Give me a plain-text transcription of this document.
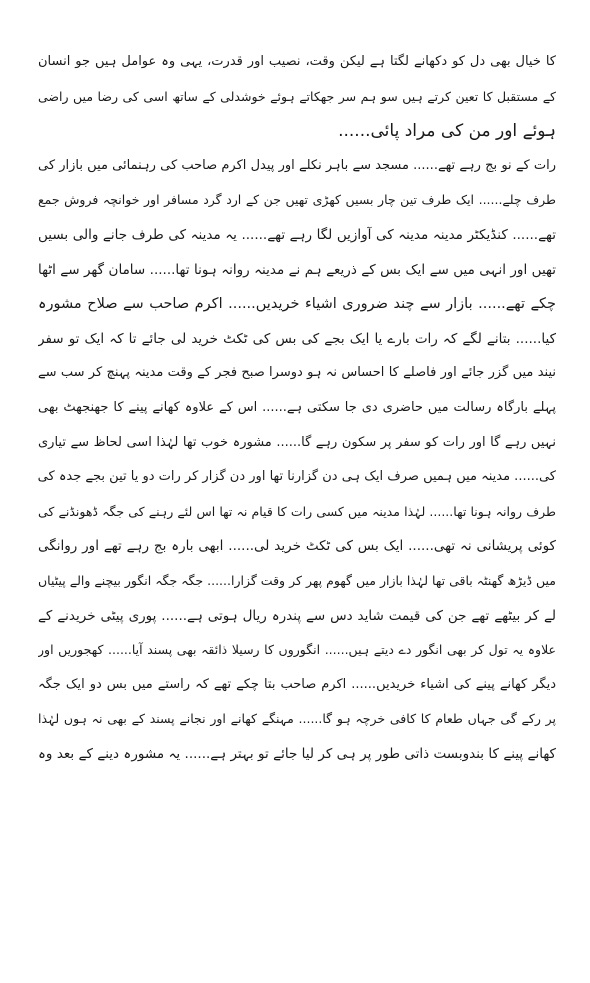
کا خیال بھی دل کو دکھانے لگتا ہے لیکن وقت، نصیب اور قدرت، یہی وہ عوامل ہیں جو انسان
کے مستقبل کا تعین کرتے ہیں سو ہم سر جھکاتے ہوئے خوشدلی کے ساتھ اسی کی رضا میں راضی
ہوئے اور من کی مراد پائی......
رات کے نو بج رہے تھے...... مسجد سے باہر نکلے اور پیدل اکرم صاحب کی رہنمائی میں بازار کی
طرف چلے...... ایک طرف تین چار بسیں کھڑی تھیں جن کے ارد گرد مسافر اور خوانچہ فروش جمع
تھے...... کنڈیکٹر مدینہ مدینہ کی آوازیں لگا رہے تھے...... یہ مدینہ کی طرف جانے والی بسیں
تھیں اور انہی میں سے ایک بس کے ذریعے ہم نے مدینہ روانہ ہونا تھا...... سامان گھر سے اٹھا
چکے تھے...... بازار سے چند ضروری اشیاء خریدیں...... اکرم صاحب سے صلاح مشورہ
کیا...... بتانے لگے کہ رات بارے یا ایک بجے کی بس کی ٹکٹ خرید لی جائے تا کہ ایک تو سفر
نیند میں گزر جائے اور فاصلے کا احساس نہ ہو دوسرا صبح فجر کے وقت مدینہ پہنچ کر سب سے
پہلے بارگاہ رسالت میں حاضری دی جا سکتی ہے...... اس کے علاوہ کھانے پینے کا جھنجھٹ بھی
نہیں رہے گا اور رات کو سفر پر سکون رہے گا...... مشورہ خوب تھا لہٰذا اسی لحاظ سے تیاری
کی...... مدینہ میں ہمیں صرف ایک ہی دن گزارنا تھا اور دن گزار کر رات دو یا تین بجے جدہ کی
طرف روانہ ہونا تھا...... لہٰذا مدینہ میں کسی رات کا قیام نہ تھا اس لئے رہنے کی جگہ ڈھونڈنے کی
کوئی پریشانی نہ تھی...... ایک بس کی ٹکٹ خرید لی...... ابھی بارہ بج رہے تھے اور روانگی
میں ڈیڑھ گھنٹہ باقی تھا لہٰذا بازار میں گھوم پھر کر وقت گزارا...... جگہ جگہ انگور بیچنے والے پیٹیاں
لے کر بیٹھے تھے جن کی قیمت شاید دس سے پندرہ ریال ہوتی ہے...... پوری پیٹی خریدنے کے
علاوہ یہ تول کر بھی انگور دے دیتے ہیں...... انگوروں کا رسیلا ذائقہ بھی پسند آیا...... کھجوریں اور
دیگر کھانے پینے کی اشیاء خریدیں...... اکرم صاحب بتا چکے تھے کہ راستے میں بس دو ایک جگہ
پر رکے گی جہاں طعام کا کافی خرچہ ہو گا...... مہنگے کھانے اور نجانے پسند کے بھی نہ ہوں لہٰذا
کھانے پینے کا بندوبست ذاتی طور پر ہی کر لیا جائے تو بہتر ہے...... یہ مشورہ دینے کے بعد وہ
